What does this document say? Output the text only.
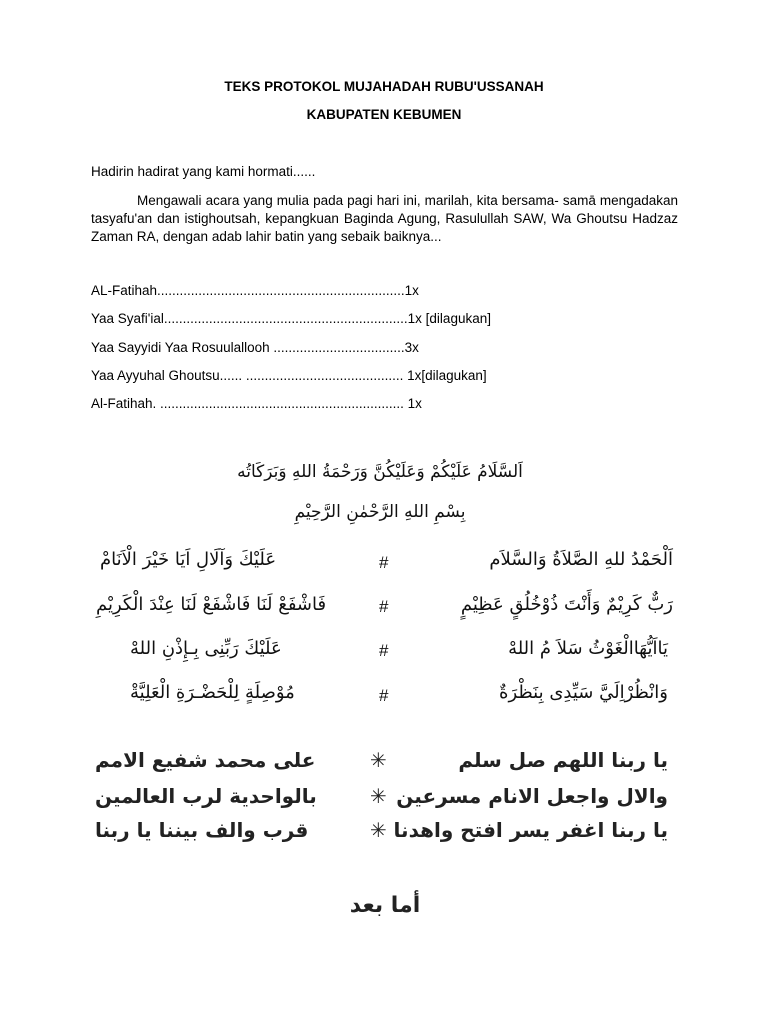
TEKS PROTOKOL MUJAHADAH RUBU'USSANAH
KABUPATEN KEBUMEN
Hadirin hadirat yang kami hormati......
Mengawali acara yang mulia pada pagi hari ini, marilah, kita bersama- samā mengadakan tasyafu'an dan istighoutsah, kepangkuan Baginda Agung, Rasulullah SAW, Wa Ghoutsu Hadzaz Zaman RA, dengan adab lahir batin yang sebaik baiknya...
AL-Fatihah..................................................................1x
Yaa Syafi'ial.................................................................1x [dilagukan]
Yaa Sayyidi Yaa Rosuulallooh ...................................3x
Yaa Ayyuhal Ghoutsu...... .......................................... 1x[dilagukan]
Al-Fatihah. ................................................................. 1x
اَلسَّلَامُ عَلَيْكُمْ وَعَلَيْكُنَّ وَرَحْمَةُ اللهِ وَبَرَكَاتُه
بِسْمِ اللهِ الرَّحْمٰنِ الرَّحِيْمِ
اَلْحَمْدُ للهِ الصَّلاَةُ وَالسَّلاَم
#
عَلَيْكَ وَآلَالِ اَيَا خَيْرَ الْاَنَامْ
رَبٌّ كَرِيْمٌ وَأَنْتَ ذُوْخُلُقٍ عَظِيْمٍ
#
فَاشْفَعْ لَنَا فَاشْفَعْ لَنَا عِنْدَ الْكَرِيْمِ
يَااَيُّهَاالْغَوْثُ سَلاَ مُ اللهْ
#
عَلَيْكَ رَبِّنِى بِـإِذْنِ اللهْ
وَانْظُرْاِلَيَّ سَيِّدِى بِنَظْرَةٌ
#
مُوْصِلَةٍ لِلْحَضْـرَةِ الْعَلِيَّةْ
يا ربنا اللهم صل سلم
✳
على محمد شفيع الامم
والال واجعل الانام مسرعين
✳
بالواحدية لرب العالمين
يا ربنا اغفر يسر افتح واهدنا
✳
قرب والف بيننا يا ربنا
أما بعد
